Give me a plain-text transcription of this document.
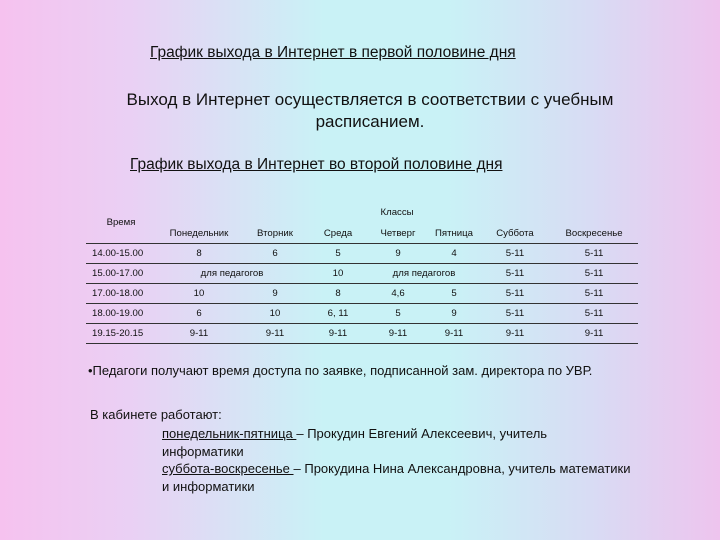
График выхода в Интернет в первой половине дня
Выход в Интернет осуществляется в соответствии с учебным расписанием.
График выхода в Интернет во второй половине дня
Время	Классы						
	Понедельник	Вторник	Среда	Четверг	Пятница	Суббота	Воскресенье
14.00-15.00	8	6	5	9	4	5-11	5-11
15.00-17.00	для педагогов		10	для педагогов		5-11	5-11
17.00-18.00	10	9	8	4,6	5	5-11	5-11
18.00-19.00	6	10	6, 11	5	9	5-11	5-11
19.15-20.15	9-11	9-11	9-11	9-11	9-11	9-11	9-11
•Педагоги получают время доступа по заявке, подписанной зам. директора по УВР.
В кабинете работают:
понедельник-пятница – Прокудин Евгений Алексеевич, учитель информатики
суббота-воскресенье – Прокудина Нина Александровна, учитель математики и информатики
